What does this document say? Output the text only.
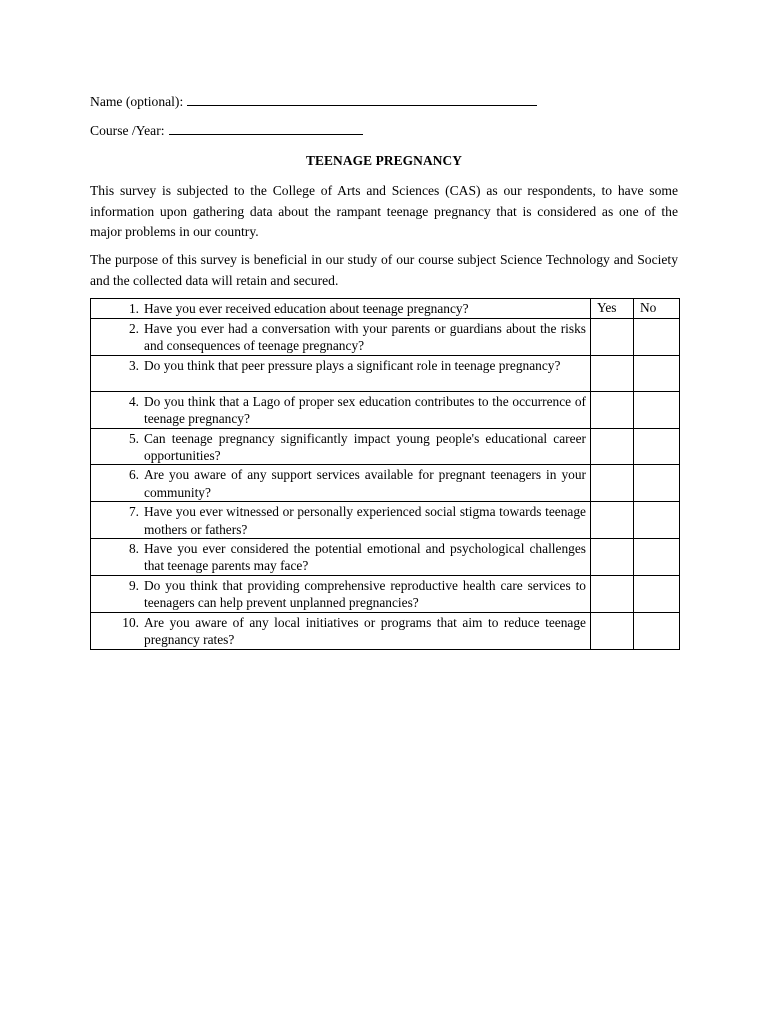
Name (optional):
Course /Year:
TEENAGE PREGNANCY

This survey is subjected to the College of Arts and Sciences (CAS) as our respondents, to have some information upon gathering data about the rampant teenage pregnancy that is considered as one of the major problems in our country.

The purpose of this survey is beneficial in our study of our course subject Science Technology and Society and the collected data will retain and secured.

1. Have you ever received education about teenage pregnancy?	Yes	No

2. Have you ever had a conversation with your parents or guardians about the risks and consequences of teenage pregnancy?		

3. Do you think that peer pressure plays a significant role in teenage pregnancy?		

4. Do you think that a Lago of proper sex education contributes to the occurrence of teenage pregnancy?		

5. Can teenage pregnancy significantly impact young people's educational career opportunities?		

6. Are you aware of any support services available for pregnant teenagers in your community?		

7. Have you ever witnessed or personally experienced social stigma towards teenage mothers or fathers?		

8. Have you ever considered the potential emotional and psychological challenges that teenage parents may face?		

9. Do you think that providing comprehensive reproductive health care services to teenagers can help prevent unplanned pregnancies?		

10. Are you aware of any local initiatives or programs that aim to reduce teenage pregnancy rates?		
